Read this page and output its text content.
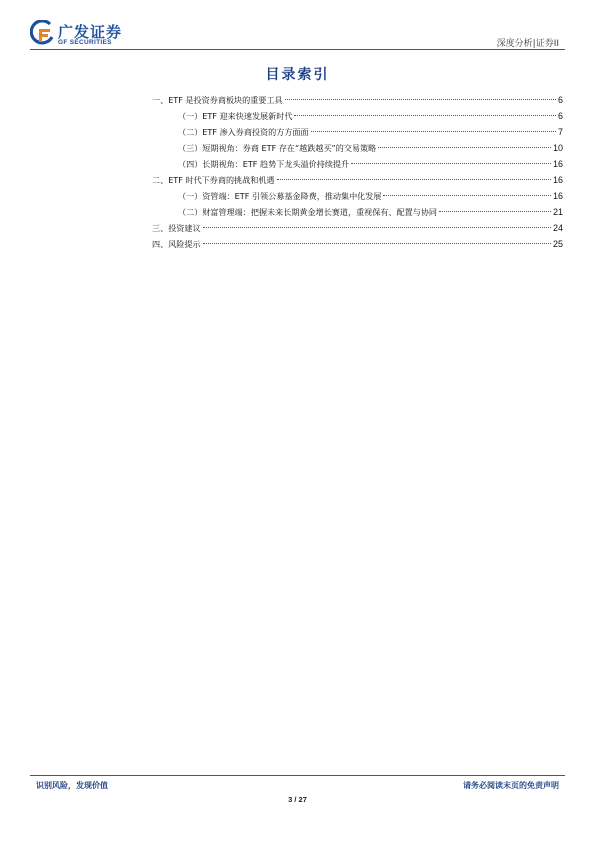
广发证券
GF SECURITIES	深度分析|证券II
目录索引
一、ETF 是投资券商板块的重要工具	6
（一）ETF 迎来快速发展新时代	6
（二）ETF 渗入券商投资的方方面面	7
（三）短期视角：券商 ETF 存在“越跌越买”的交易策略	10
（四）长期视角：ETF 趋势下龙头溢价持续提升	16
二、ETF 时代下券商的挑战和机遇	16
（一）资管端：ETF 引领公募基金降费，推动集中化发展	16
（二）财富管理端：把握未来长期黄金增长赛道，重视保有、配置与协同	21
三、投资建议	24
四、风险提示	25
识别风险，发现价值	请务必阅读末页的免责声明
3 / 27
